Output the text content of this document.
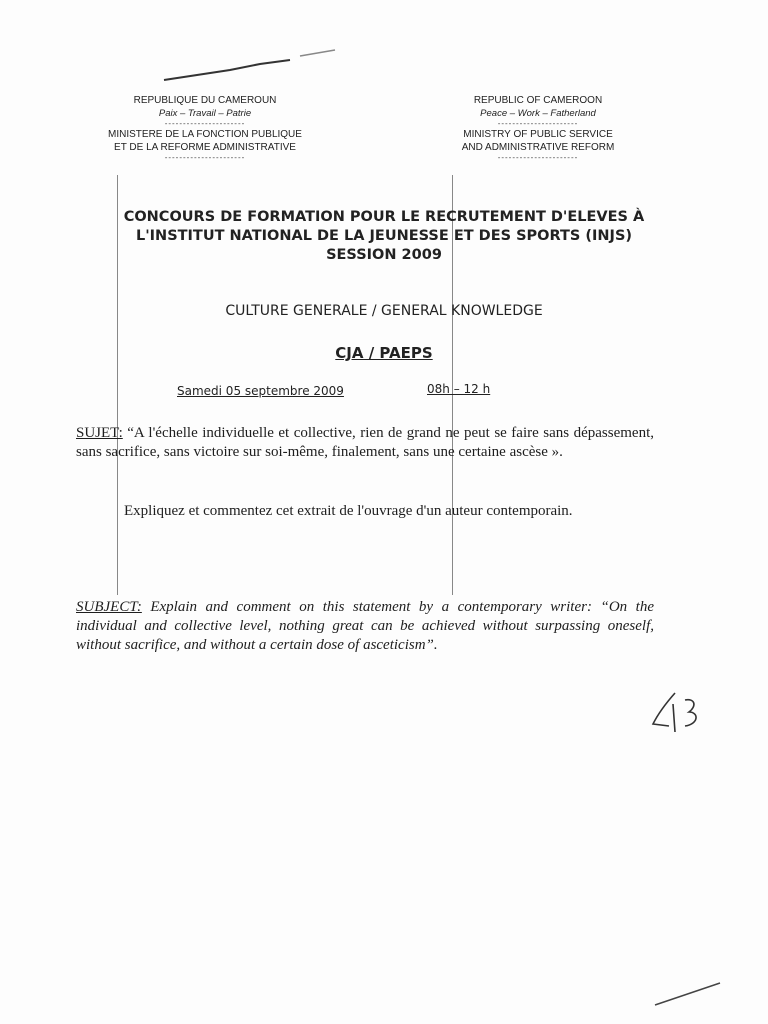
REPUBLIQUE DU CAMEROUN
Paix – Travail – Patrie
----------------------
MINISTERE DE LA FONCTION PUBLIQUE
ET DE LA REFORME ADMINISTRATIVE
----------------------
REPUBLIC OF CAMEROON
Peace – Work – Fatherland
----------------------
MINISTRY OF PUBLIC SERVICE
AND ADMINISTRATIVE REFORM
----------------------
CONCOURS DE FORMATION POUR LE RECRUTEMENT D'ELEVES À
L'INSTITUT NATIONAL DE LA JEUNESSE ET DES SPORTS (INJS)
SESSION 2009
CULTURE GENERALE / GENERAL KNOWLEDGE
CJA / PAEPS
Samedi 05 septembre 2009	08h – 12 h
SUJET: “A l'échelle individuelle et collective, rien de grand ne peut se faire sans dépassement, sans sacrifice, sans victoire sur soi-même, finalement, sans une certaine ascèse ».
Expliquez et commentez cet extrait de l'ouvrage d'un auteur contemporain.
SUBJECT: Explain and comment on this statement by a contemporary writer: “On the individual and collective level, nothing great can be achieved without surpassing oneself, without sacrifice, and without a certain dose of asceticism”.
